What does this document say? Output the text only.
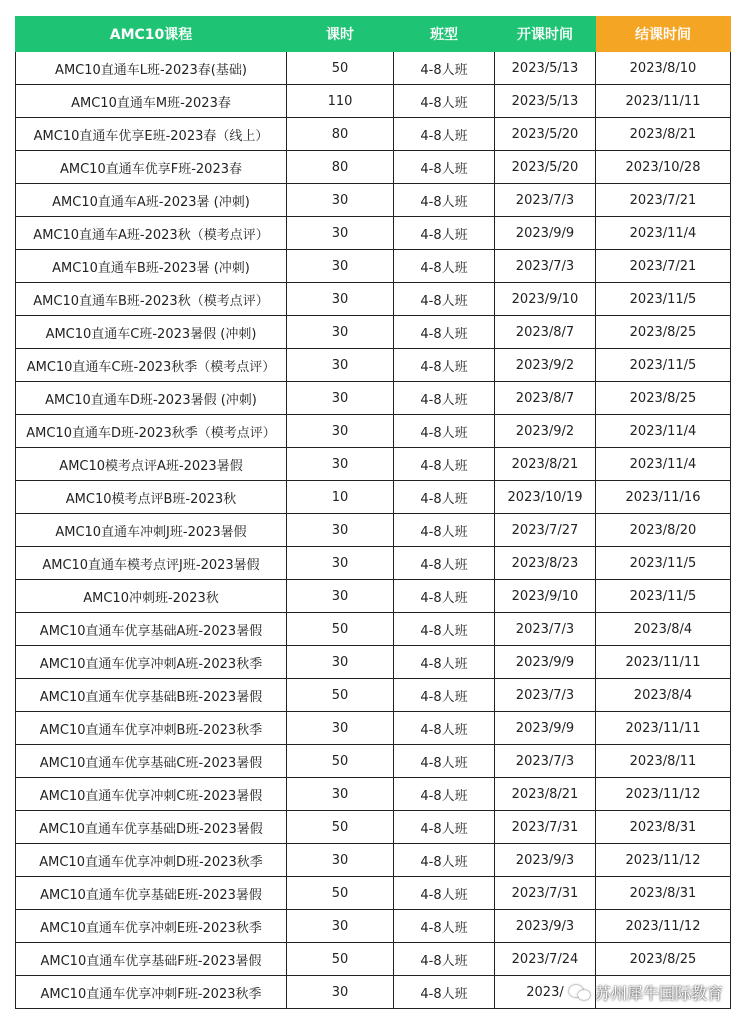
AMC10课程	课时	班型	开课时间	结课时间
AMC10直通车L班-2023春(基础)	50	4-8人班	2023/5/13	2023/8/10
AMC10直通车M班-2023春	110	4-8人班	2023/5/13	2023/11/11
AMC10直通车优享E班-2023春（线上）	80	4-8人班	2023/5/20	2023/8/21
AMC10直通车优享F班-2023春	80	4-8人班	2023/5/20	2023/10/28
AMC10直通车A班-2023暑 (冲刺)	30	4-8人班	2023/7/3	2023/7/21
AMC10直通车A班-2023秋（模考点评）	30	4-8人班	2023/9/9	2023/11/4
AMC10直通车B班-2023暑 (冲刺)	30	4-8人班	2023/7/3	2023/7/21
AMC10直通车B班-2023秋（模考点评）	30	4-8人班	2023/9/10	2023/11/5
AMC10直通车C班-2023暑假 (冲刺)	30	4-8人班	2023/8/7	2023/8/25
AMC10直通车C班-2023秋季（模考点评）	30	4-8人班	2023/9/2	2023/11/5
AMC10直通车D班-2023暑假 (冲刺)	30	4-8人班	2023/8/7	2023/8/25
AMC10直通车D班-2023秋季（模考点评）	30	4-8人班	2023/9/2	2023/11/4
AMC10模考点评A班-2023暑假	30	4-8人班	2023/8/21	2023/11/4
AMC10模考点评B班-2023秋	10	4-8人班	2023/10/19	2023/11/16
AMC10直通车冲刺J班-2023暑假	30	4-8人班	2023/7/27	2023/8/20
AMC10直通车模考点评J班-2023暑假	30	4-8人班	2023/8/23	2023/11/5
AMC10冲刺班-2023秋	30	4-8人班	2023/9/10	2023/11/5
AMC10直通车优享基础A班-2023暑假	50	4-8人班	2023/7/3	2023/8/4
AMC10直通车优享冲刺A班-2023秋季	30	4-8人班	2023/9/9	2023/11/11
AMC10直通车优享基础B班-2023暑假	50	4-8人班	2023/7/3	2023/8/4
AMC10直通车优享冲刺B班-2023秋季	30	4-8人班	2023/9/9	2023/11/11
AMC10直通车优享基础C班-2023暑假	50	4-8人班	2023/7/3	2023/8/11
AMC10直通车优享冲刺C班-2023暑假	30	4-8人班	2023/8/21	2023/11/12
AMC10直通车优享基础D班-2023暑假	50	4-8人班	2023/7/31	2023/8/31
AMC10直通车优享冲刺D班-2023秋季	30	4-8人班	2023/9/3	2023/11/12
AMC10直通车优享基础E班-2023暑假	50	4-8人班	2023/7/31	2023/8/31
AMC10直通车优享冲刺E班-2023秋季	30	4-8人班	2023/9/3	2023/11/12
AMC10直通车优享基础F班-2023暑假	50	4-8人班	2023/7/24	2023/8/25
AMC10直通车优享冲刺F班-2023秋季	30	4-8人班	2023/	苏州犀牛国际教育
